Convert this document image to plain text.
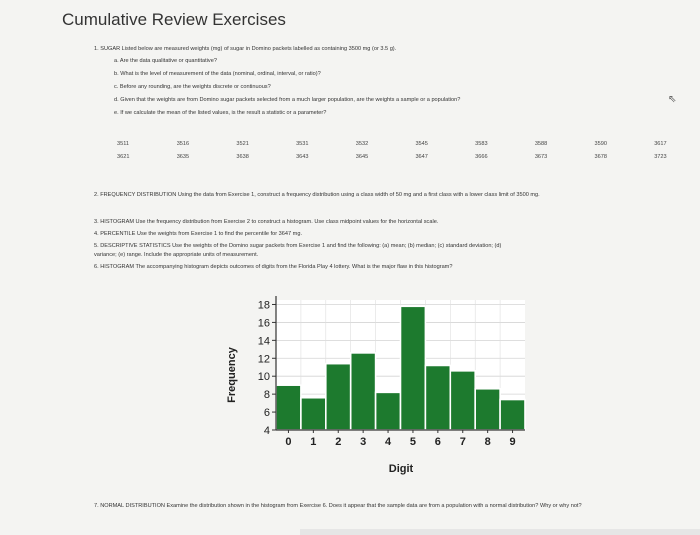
Cumulative Review Exercises
1. SUGAR Listed below are measured weights (mg) of sugar in Domino packets labelled as containing 3500 mg (or 3.5 g).
a. Are the data qualitative or quantitative?
b. What is the level of measurement of the data (nominal, ordinal, interval, or ratio)?
c. Before any rounding, are the weights discrete or continuous?
d. Given that the weights are from Domino sugar packets selected from a much larger population, are the weights a sample or a population?
e. If we calculate the mean of the listed values, is the result a statistic or a parameter?
⇖
3511	3516	3521	3531	3532	3545	3583	3588	3590	3617
3621	3635	3638	3643	3645	3647	3666	3673	3678	3723
2. FREQUENCY DISTRIBUTION Using the data from Exercise 1, construct a frequency distribution using a class width of 50 mg and a first class with a lower class limit of 3500 mg.
3. HISTOGRAM Use the frequency distribution from Exercise 2 to construct a histogram. Use class midpoint values for the horizontal scale.
4. PERCENTILE Use the weights from Exercise 1 to find the percentile for 3647 mg.
5. DESCRIPTIVE STATISTICS Use the weights of the Domino sugar packets from Exercise 1 and find the following: (a) mean; (b) median; (c) standard deviation; (d)
variance; (e) range. Include the appropriate units of measurement.
6. HISTOGRAM The accompanying histogram depicts outcomes of digits from the Florida Play 4 lottery. What is the major flaw in this histogram?
4
6
8
10
12
14
16
18
0 1 2 3 4 5 6 7 8 9
Frequency
Digit
7. NORMAL DISTRIBUTION Examine the distribution shown in the histogram from Exercise 6. Does it appear that the sample data are from a population with a normal distribution? Why or why not?
